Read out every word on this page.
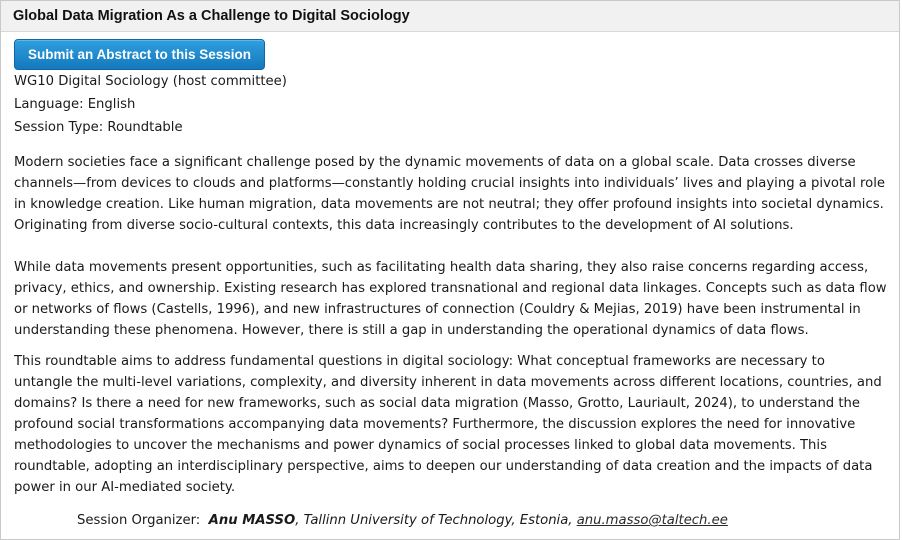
Global Data Migration As a Challenge to Digital Sociology
Submit an Abstract to this Session
WG10 Digital Sociology (host committee)
Language: English
Session Type: Roundtable

Modern societies face a significant challenge posed by the dynamic movements of data on a global scale. Data crosses diverse channels—from devices to clouds and platforms—constantly holding crucial insights into individuals’ lives and playing a pivotal role in knowledge creation. Like human migration, data movements are not neutral; they offer profound insights into societal dynamics. Originating from diverse socio-cultural contexts, this data increasingly contributes to the development of AI solutions.

While data movements present opportunities, such as facilitating health data sharing, they also raise concerns regarding access, privacy, ethics, and ownership. Existing research has explored transnational and regional data linkages. Concepts such as data flow or networks of flows (Castells, 1996), and new infrastructures of connection (Couldry & Mejias, 2019) have been instrumental in understanding these phenomena. However, there is still a gap in understanding the operational dynamics of data flows.

This roundtable aims to address fundamental questions in digital sociology: What conceptual frameworks are necessary to untangle the multi-level variations, complexity, and diversity inherent in data movements across different locations, countries, and domains? Is there a need for new frameworks, such as social data migration (Masso, Grotto, Lauriault, 2024), to understand the profound social transformations accompanying data movements? Furthermore, the discussion explores the need for innovative methodologies to uncover the mechanisms and power dynamics of social processes linked to global data movements. This roundtable, adopting an interdisciplinary perspective, aims to deepen our understanding of data creation and the impacts of data power in our AI-mediated society.

Session Organizer: Anu MASSO, Tallinn University of Technology, Estonia, anu.masso@taltech.ee
